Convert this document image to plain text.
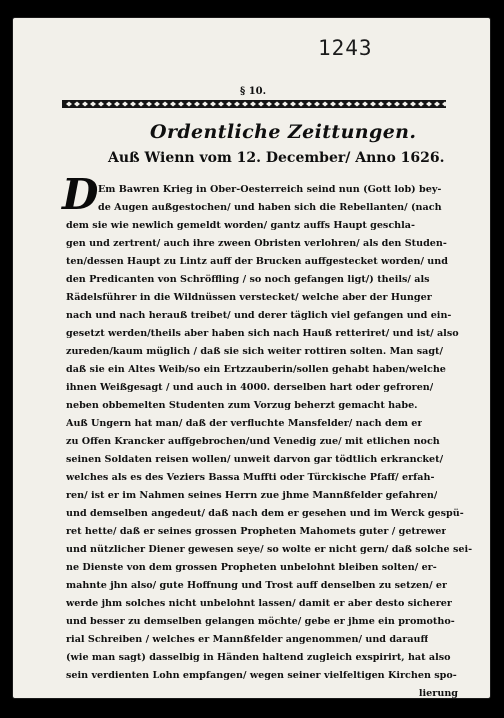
1243
§ 10.
Ordentliche Zeittungen.
Auß Wienn vom 12. December/ Anno 1626.
D Em Bawren Krieg in Ober-Oesterreich seind nun (Gott lob) bey-
de Augen außgestochen/ und haben sich die Rebellanten/ (nach
dem sie wie newlich gemeldt worden/ gantz auffs Haupt geschla-
gen und zertrent/ auch ihre zween Obristen verlohren/ als den Studen-
ten/dessen Haupt zu Lintz auff der Brucken auffgestecket worden/ und
den Predicanten von Schröffling / so noch gefangen ligt/) theils/ als
Rädelsführer in die Wildnüssen verstecket/ welche aber der Hunger
nach und nach herauß treibet/ und derer täglich viel gefangen und ein-
gesetzt werden/theils aber haben sich nach Hauß retteriret/ und ist/ also
zureden/kaum müglich / daß sie sich weiter rottiren solten. Man sagt/
daß sie ein Altes Weib/so ein Ertzzauberin/sollen gehabt haben/welche
ihnen Weißgesagt / und auch in 4000. derselben hart oder gefroren/
neben obbemelten Studenten zum Vorzug beherzt gemacht habe.
Auß Ungern hat man/ daß der verfluchte Mansfelder/ nach dem er
zu Offen Krancker auffgebrochen/und Venedig zue/ mit etlichen noch
seinen Soldaten reisen wollen/ unweit darvon gar tödtlich erkrancket/
welches als es des Veziers Bassa Muffti oder Türckische Pfaff/ erfah-
ren/ ist er im Nahmen seines Herrn zue jhme Mannßfelder gefahren/
und demselben angedeut/ daß nach dem er gesehen und im Werck gespü-
ret hette/ daß er seines grossen Propheten Mahomets guter / getrewer
und nützlicher Diener gewesen seye/ so wolte er nicht gern/ daß solche sei-
ne Dienste von dem grossen Propheten unbelohnt bleiben solten/ er-
mahnte jhn also/ gute Hoffnung und Trost auff denselben zu setzen/ er
werde jhm solches nicht unbelohnt lassen/ damit er aber desto sicherer
und besser zu demselben gelangen möchte/ gebe er jhme ein promotho-
rial Schreiben / welches er Mannßfelder angenommen/ und darauff
(wie man sagt) dasselbig in Händen haltend zugleich exspirirt, hat also
sein verdienten Lohn empfangen/ wegen seiner vielfeltigen Kirchen spo-
lierung
